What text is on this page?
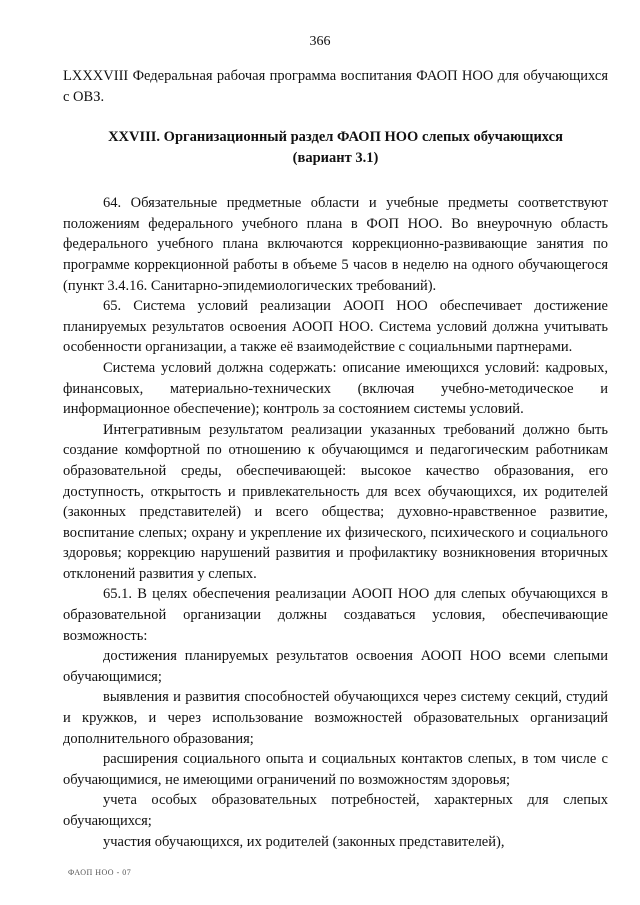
366

LXXXVIII Федеральная рабочая программа воспитания ФАОП НОО для обучающихся с ОВЗ.

XXVIII. Организационный раздел ФАОП НОО слепых обучающихся
(вариант 3.1)

64. Обязательные предметные области и учебные предметы соответствуют положениям федерального учебного плана в ФОП НОО. Во внеурочную область федерального учебного плана включаются коррекционно-развивающие занятия по программе коррекционной работы в объеме 5 часов в неделю на одного обучающегося (пункт 3.4.16. Санитарно-эпидемиологических требований).

65. Система условий реализации АООП НОО обеспечивает достижение планируемых результатов освоения АООП НОО. Система условий должна учитывать особенности организации, а также её взаимодействие с социальными партнерами.

Система условий должна содержать: описание имеющихся условий: кадровых, финансовых, материально-технических (включая учебно-методическое и информационное обеспечение); контроль за состоянием системы условий.

Интегративным результатом реализации указанных требований должно быть создание комфортной по отношению к обучающимся и педагогическим работникам образовательной среды, обеспечивающей: высокое качество образования, его доступность, открытость и привлекательность для всех обучающихся, их родителей (законных представителей) и всего общества; духовно-нравственное развитие, воспитание слепых; охрану и укрепление их физического, психического и социального здоровья; коррекцию нарушений развития и профилактику возникновения вторичных отклонений развития у слепых.

65.1. В целях обеспечения реализации АООП НОО для слепых обучающихся в образовательной организации должны создаваться условия, обеспечивающие возможность:

достижения планируемых результатов освоения АООП НОО всеми слепыми обучающимися;

выявления и развития способностей обучающихся через систему секций, студий и кружков, и через использование возможностей образовательных организаций дополнительного образования;

расширения социального опыта и социальных контактов слепых, в том числе с обучающимися, не имеющими ограничений по возможностям здоровья;

учета особых образовательных потребностей, характерных для слепых обучающихся;

участия обучающихся, их родителей (законных представителей),

ФАОП НОО - 07
